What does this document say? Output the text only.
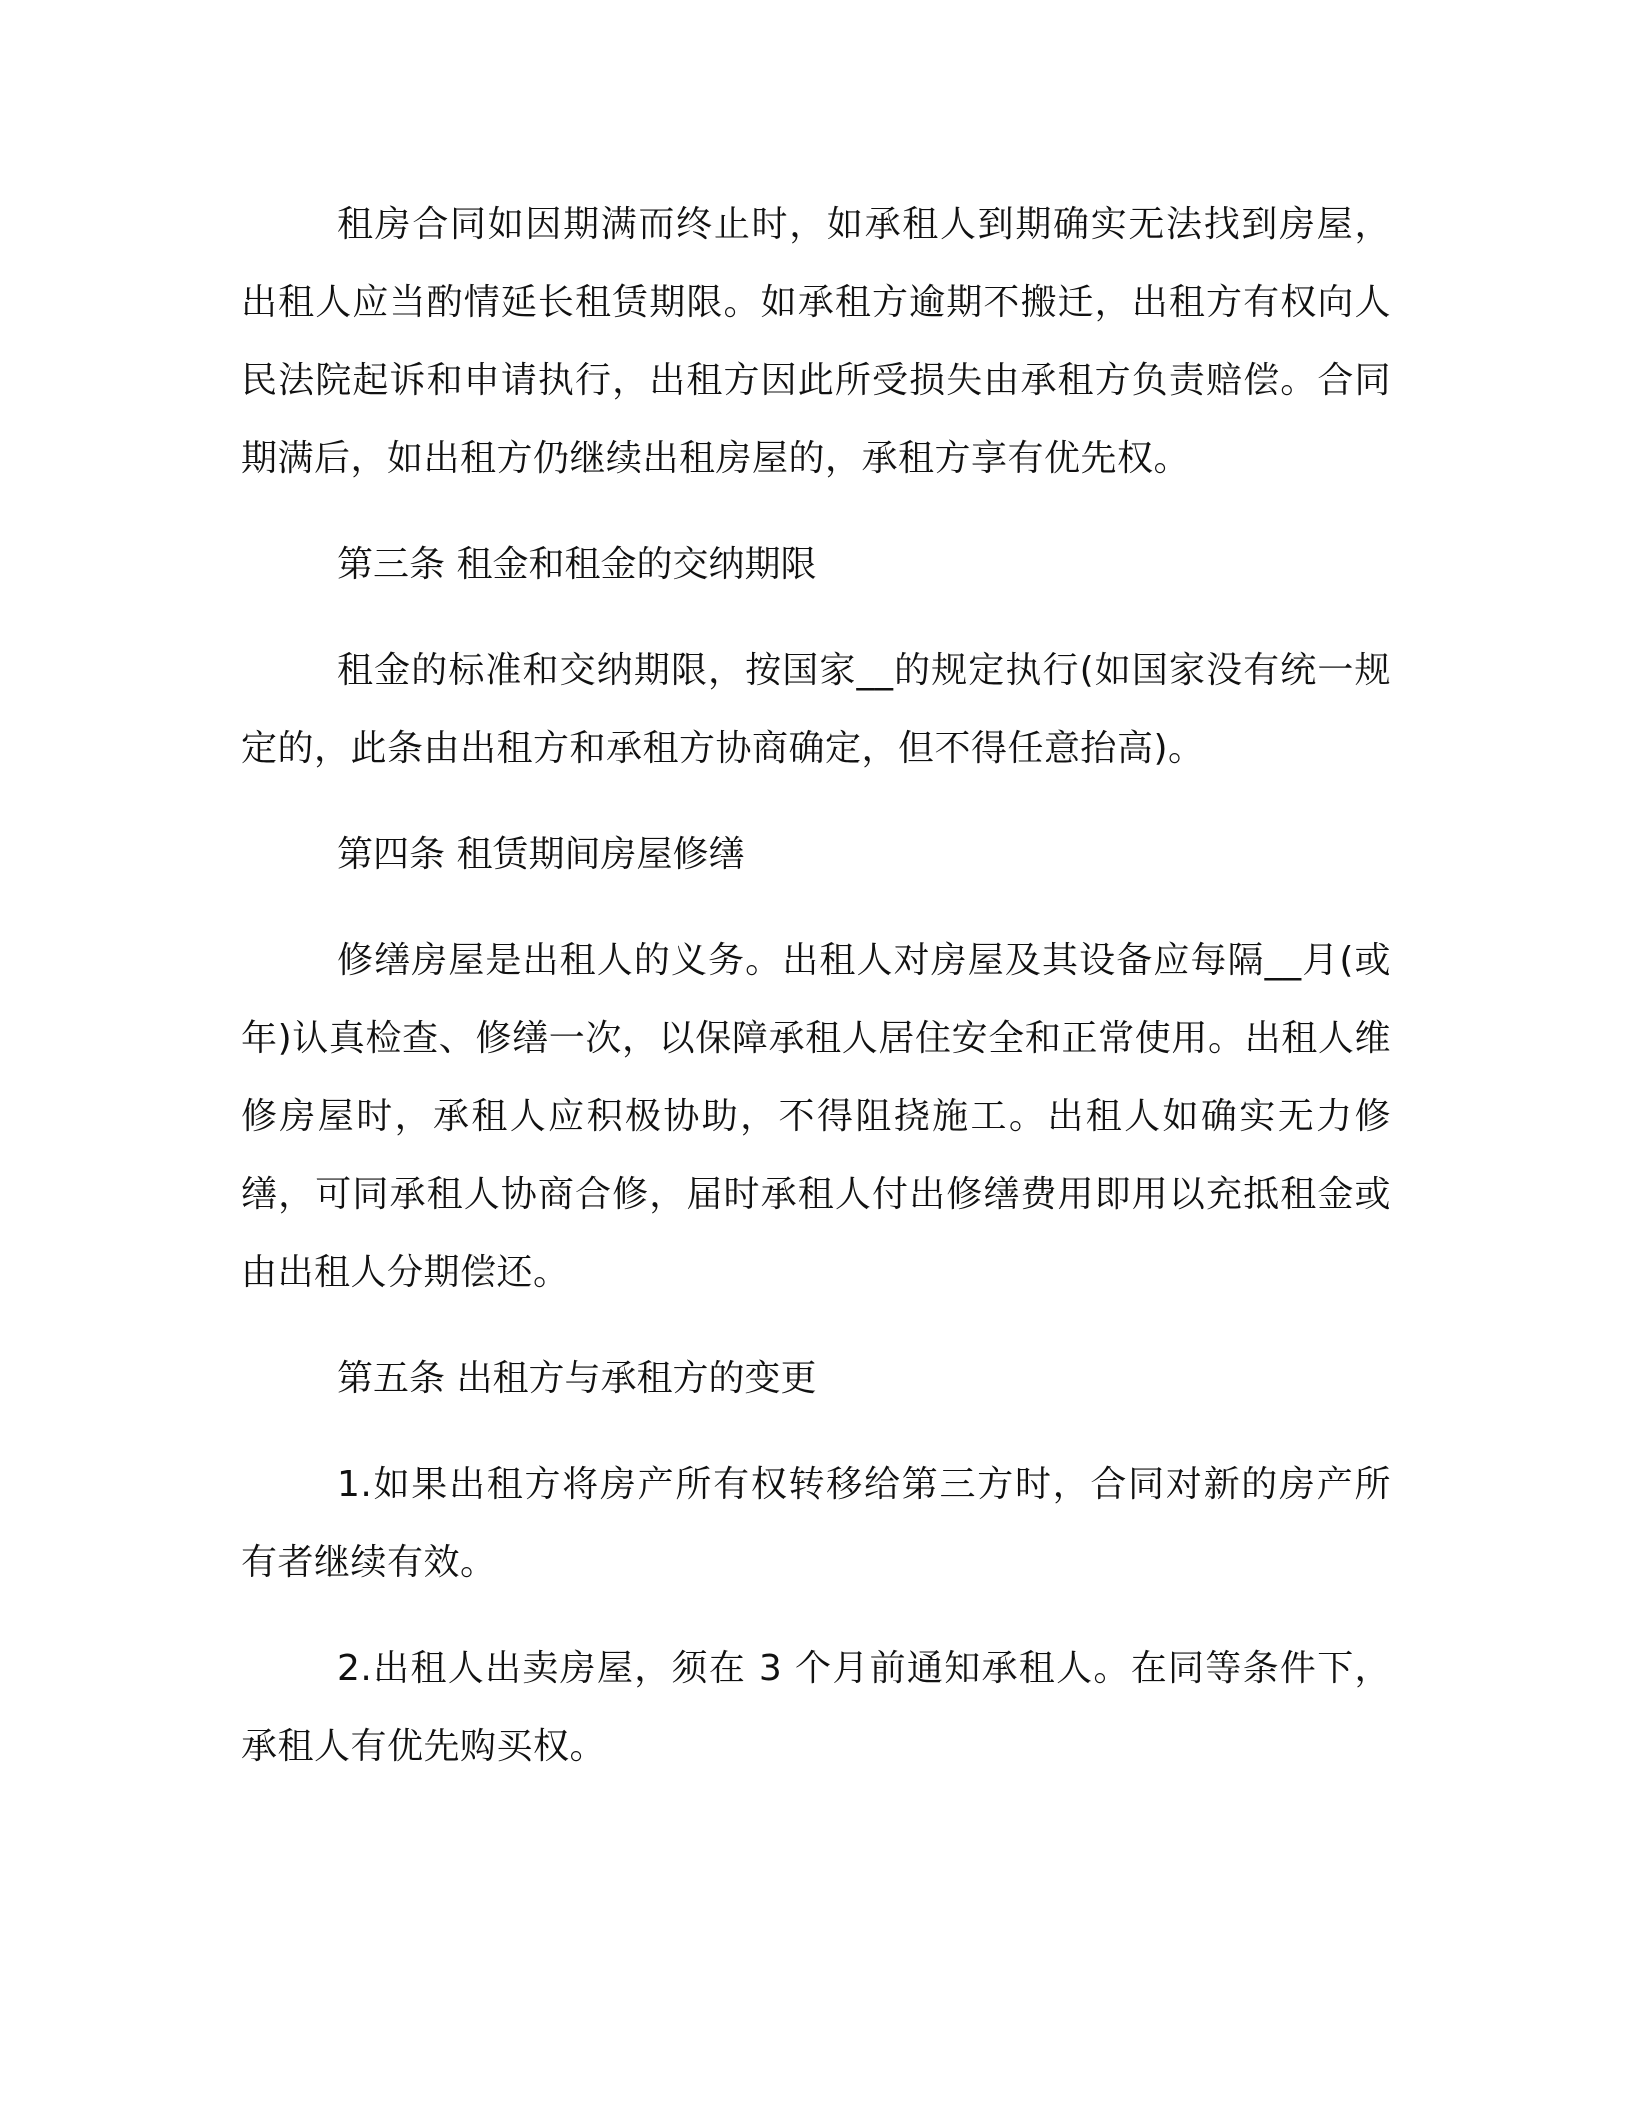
租房合同如因期满而终止时，如承租人到期确实无法找到房屋，出租人应当酌情延长租赁期限。如承租方逾期不搬迁，出租方有权向人民法院起诉和申请执行，出租方因此所受损失由承租方负责赔偿。合同期满后，如出租方仍继续出租房屋的，承租方享有优先权。

第三条 租金和租金的交纳期限

租金的标准和交纳期限，按国家__的规定执行(如国家没有统一规定的，此条由出租方和承租方协商确定，但不得任意抬高)。

第四条 租赁期间房屋修缮

修缮房屋是出租人的义务。出租人对房屋及其设备应每隔__月(或年)认真检查、修缮一次，以保障承租人居住安全和正常使用。出租人维修房屋时，承租人应积极协助，不得阻挠施工。出租人如确实无力修缮，可同承租人协商合修，届时承租人付出修缮费用即用以充抵租金或由出租人分期偿还。

第五条 出租方与承租方的变更

1.如果出租方将房产所有权转移给第三方时，合同对新的房产所有者继续有效。

2.出租人出卖房屋，须在 3 个月前通知承租人。在同等条件下，承租人有优先购买权。
